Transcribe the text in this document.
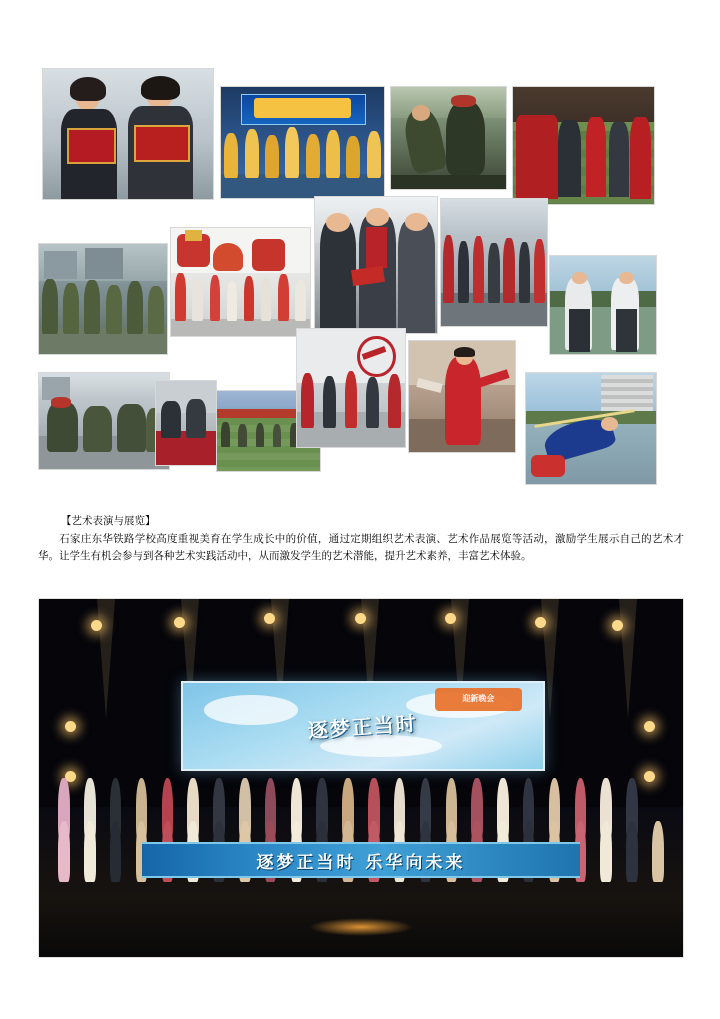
【艺术表演与展览】
石家庄东华铁路学校高度重视美育在学生成长中的价值，通过定期组织艺术表演、艺术作品展览等活动，激励学生展示自己的艺术才华。让学生有机会参与到各种艺术实践活动中，从而激发学生的艺术潜能，提升艺术素养，丰富艺术体验。
迎新晚会
逐梦正当时
逐梦正当时 乐华向未来
